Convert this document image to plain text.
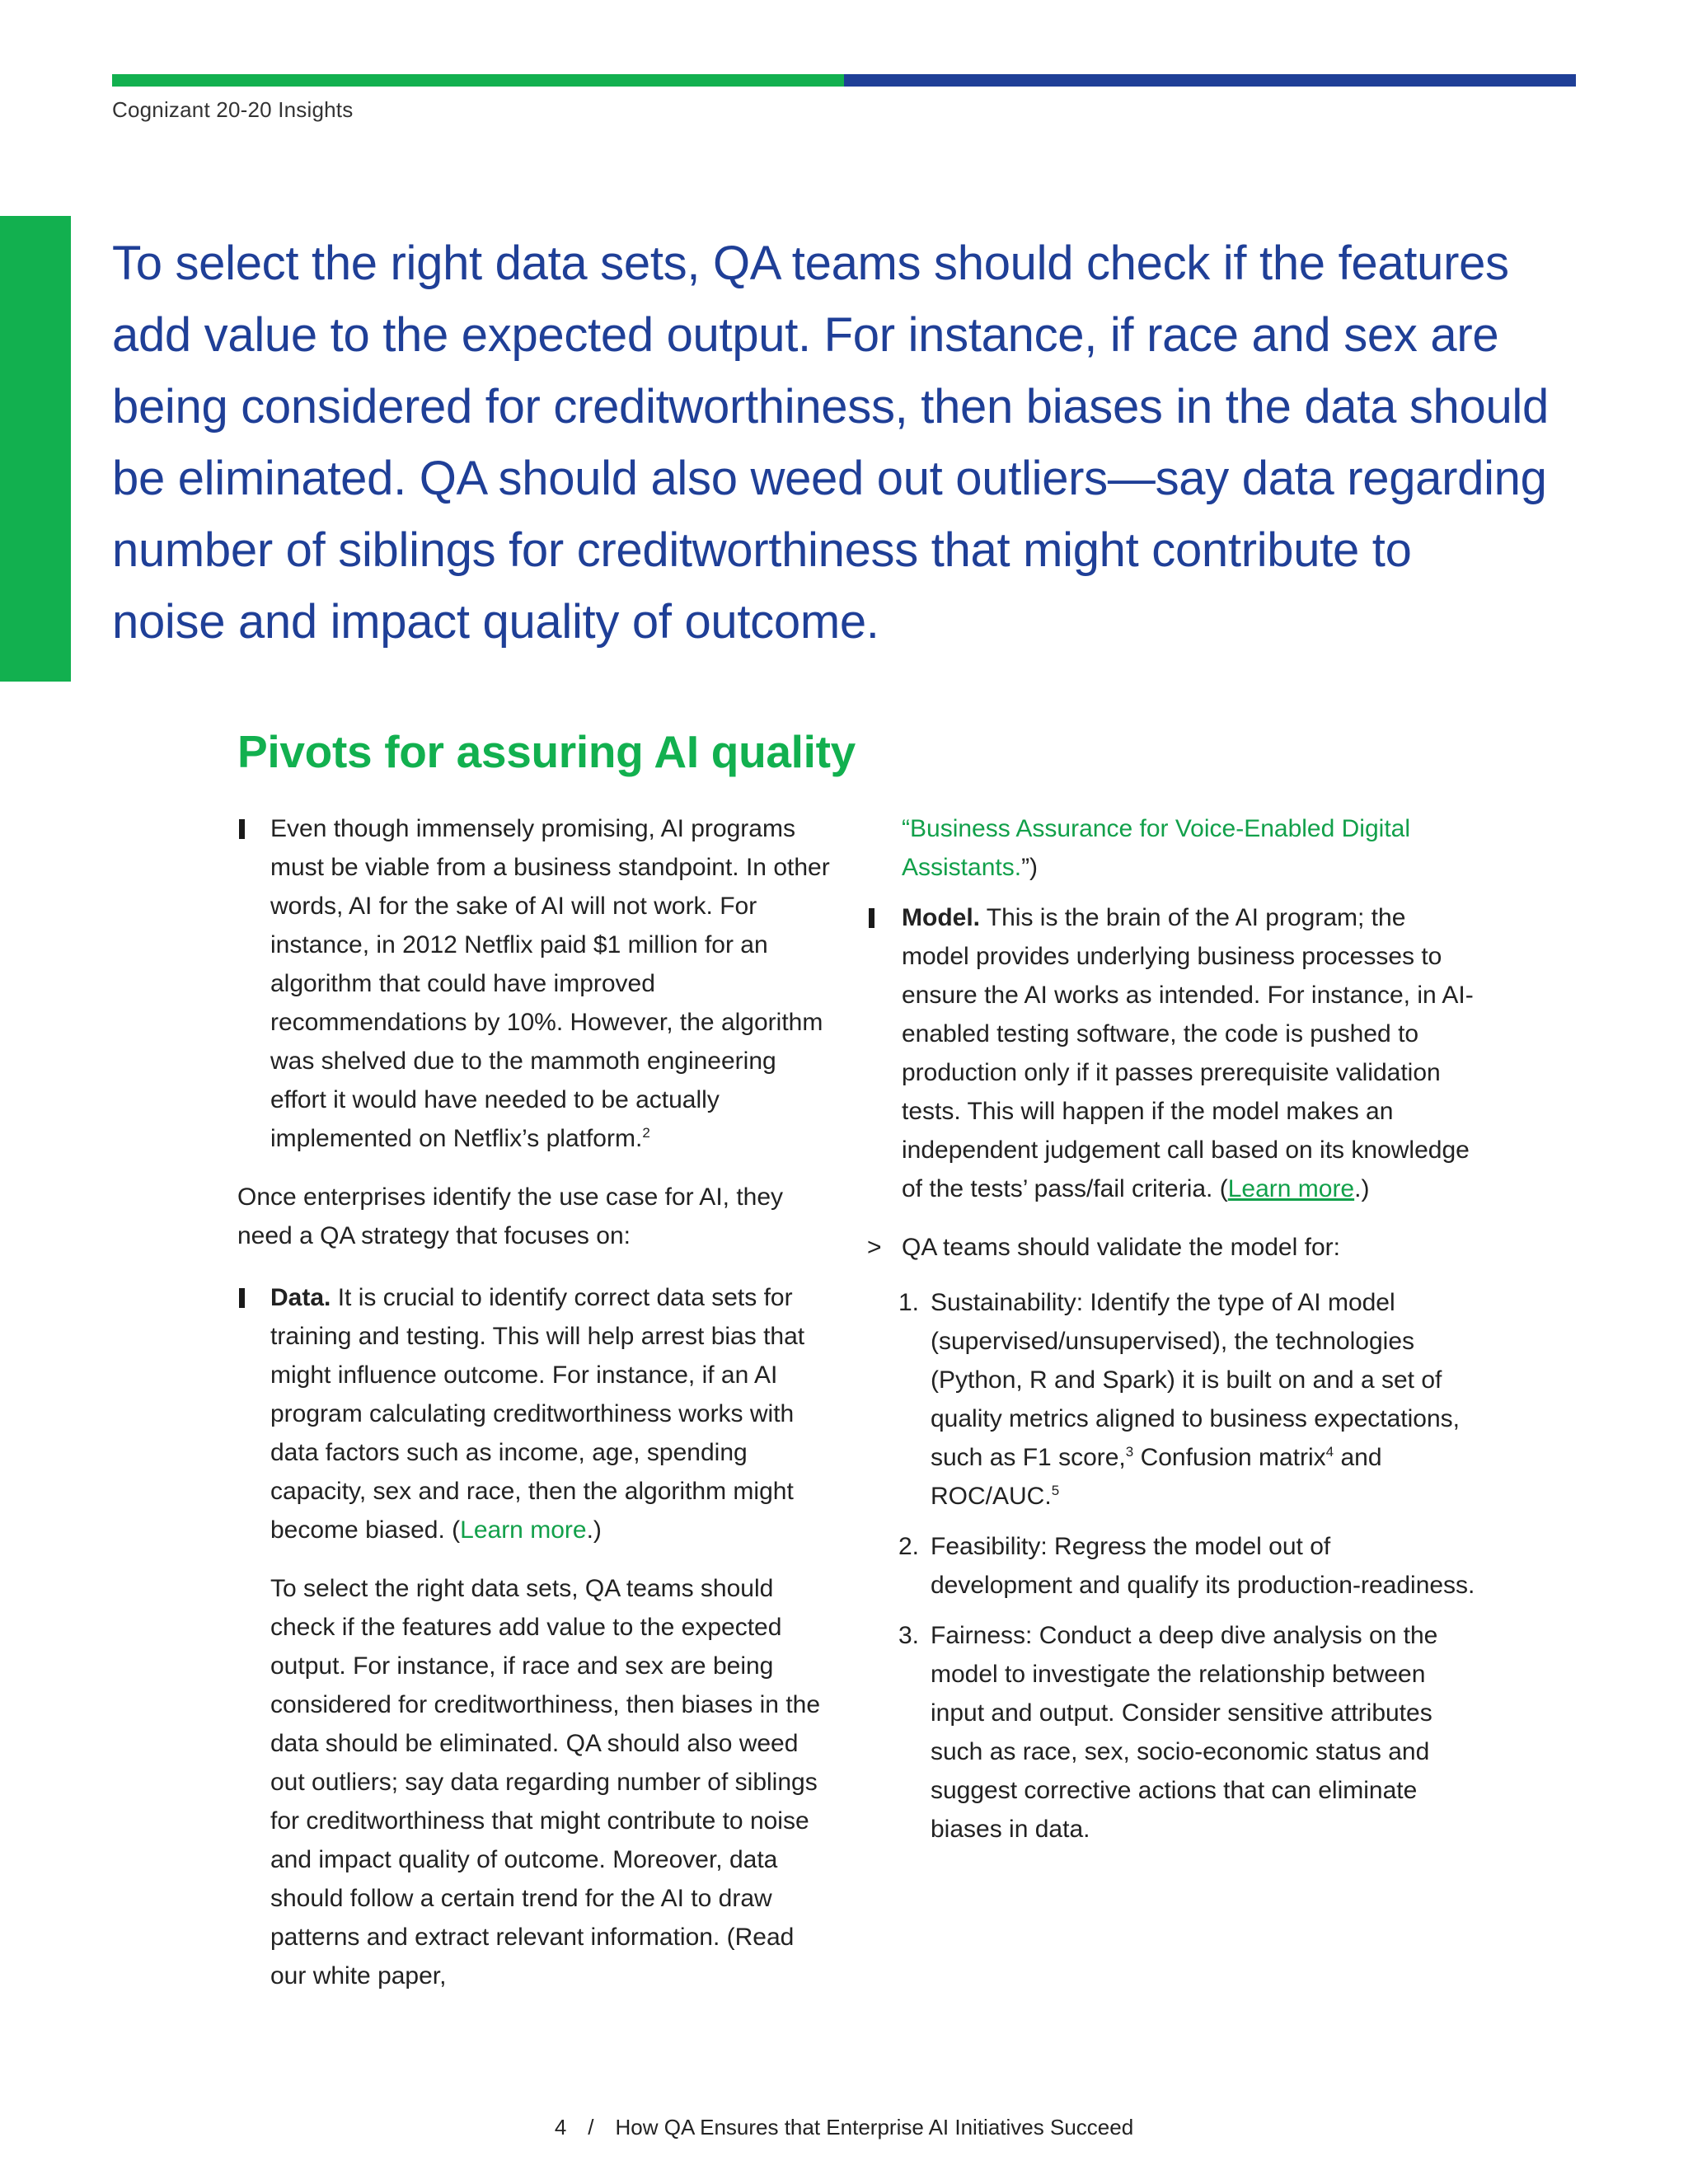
Cognizant 20-20 Insights
To select the right data sets, QA teams should check if the features
add value to the expected output. For instance, if race and sex are
being considered for creditworthiness, then biases in the data should
be eliminated. QA should also weed out outliers—say data regarding
number of siblings for creditworthiness that might contribute to
noise and impact quality of outcome.
Pivots for assuring AI quality
Even though immensely promising, AI programs must be viable from a business standpoint. In other words, AI for the sake of AI will not work. For instance, in 2012 Netflix paid $1 million for an algorithm that could have improved recommendations by 10%. However, the algorithm was shelved due to the mammoth engineering effort it would have needed to be actually implemented on Netflix’s platform.$^2$

Once enterprises identify the use case for AI, they need a QA strategy that focuses on:

Data. It is crucial to identify correct data sets for training and testing. This will help arrest bias that might influence outcome. For instance, if an AI program calculating creditworthiness works with data factors such as income, age, spending capacity, sex and race, then the algorithm might become biased. (Learn more.)

To select the right data sets, QA teams should check if the features add value to the expected output. For instance, if race and sex are being considered for creditworthiness, then biases in the data should be eliminated. QA should also weed out outliers; say data regarding number of siblings for creditworthiness that might contribute to noise and impact quality of outcome. Moreover, data should follow a certain trend for the AI to draw patterns and extract relevant information. (Read our white paper,

“Business Assurance for Voice-Enabled Digital Assistants.”)
Model. This is the brain of the AI program; the model provides underlying business processes to ensure the AI works as intended. For instance, in AI-enabled testing software, the code is pushed to production only if it passes prerequisite validation tests. This will happen if the model makes an independent judgement call based on its knowledge of the tests’ pass/fail criteria. (Learn more.)
> QA teams should validate the model for:
1. Sustainability: Identify the type of AI model (supervised/unsupervised), the technologies (Python, R and Spark) it is built on and a set of quality metrics aligned to business expectations, such as F1 score,$^3$ Confusion matrix$^4$ and ROC/AUC.$^5$
2. Feasibility: Regress the model out of development and qualify its production-readiness.
3. Fairness: Conduct a deep dive analysis on the model to investigate the relationship between input and output. Consider sensitive attributes such as race, sex, socio-economic status and suggest corrective actions that can eliminate biases in data.
4 / How QA Ensures that Enterprise AI Initiatives Succeed
